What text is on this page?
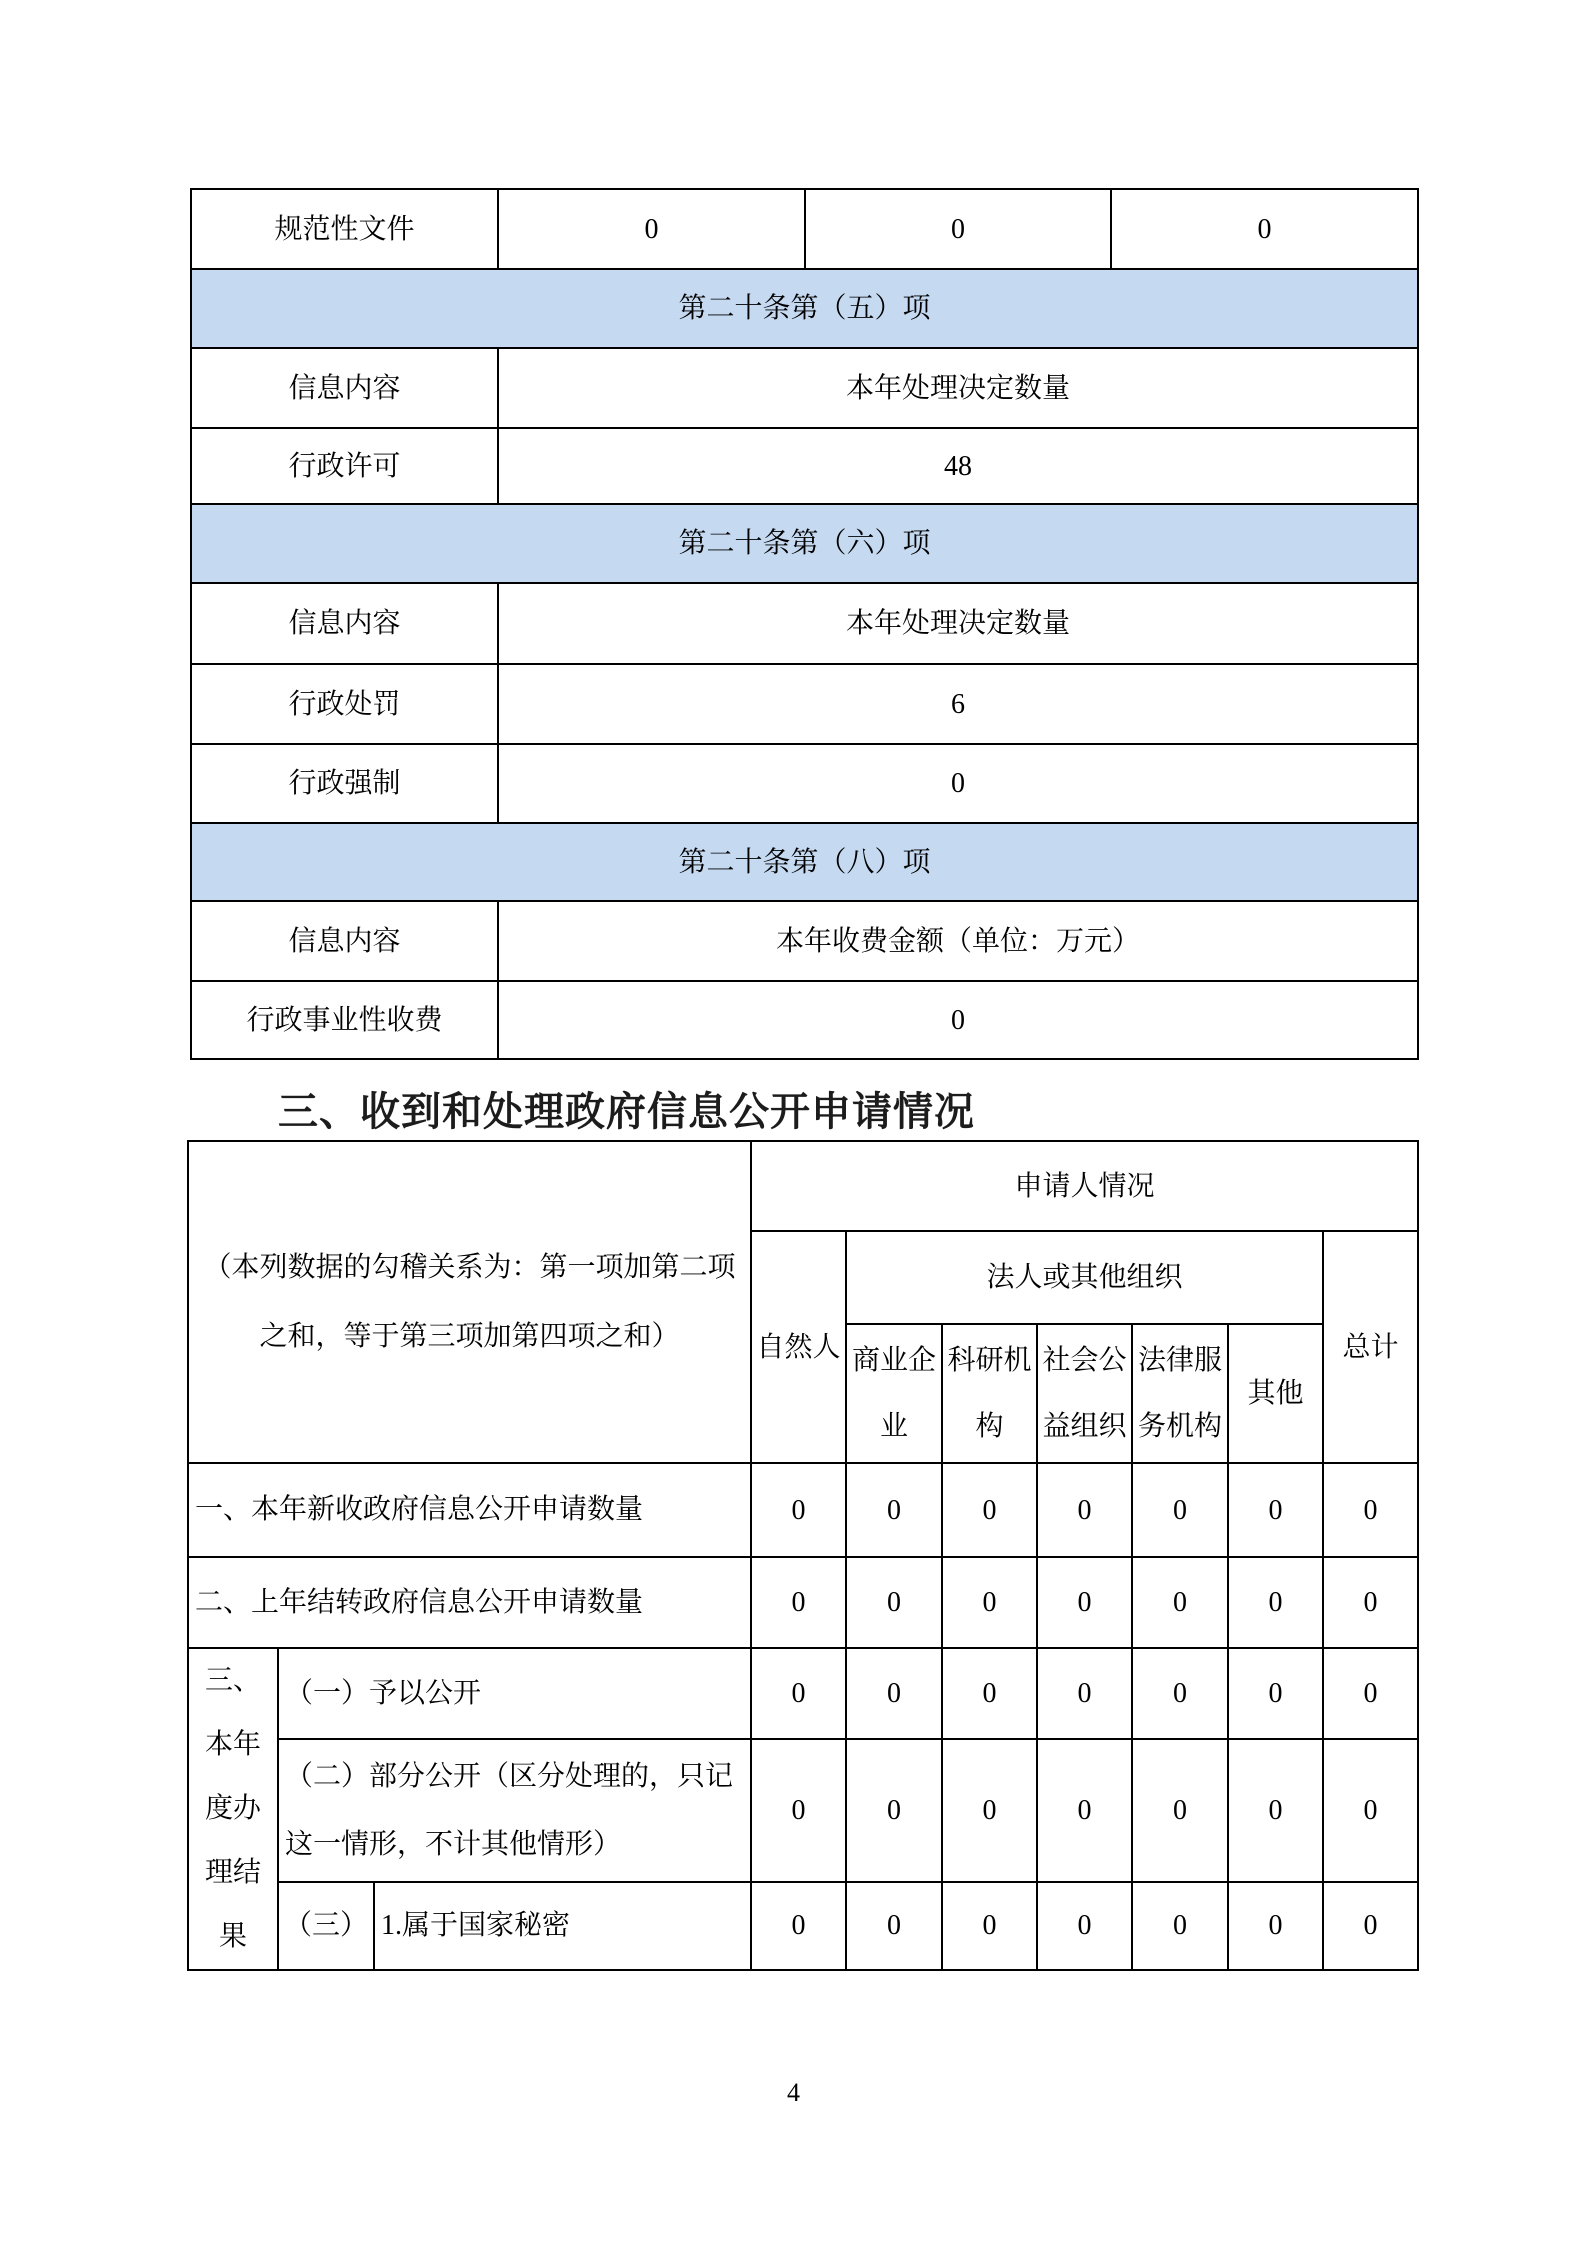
规范性文件	0	0	0
第二十条第（五）项			
信息内容	本年处理决定数量		
行政许可	48		
第二十条第（六）项			
信息内容	本年处理决定数量		
行政处罚	6		
行政强制	0		
第二十条第（八）项			
信息内容	本年收费金额（单位：万元）		
行政事业性收费	0		
三、收到和处理政府信息公开申请情况
（本列数据的勾稽关系为：第一项加第二项之和，等于第三项加第四项之和）			申请人情况						
			自然人	法人或其他组织					总计
				商业企业	科研机构	社会公益组织	法律服务机构	其他	
一、本年新收政府信息公开申请数量			0	0	0	0	0	0	0
二、上年结转政府信息公开申请数量			0	0	0	0	0	0	0
三、本年度办理结果	（一）予以公开		0	0	0	0	0	0	0
	（二）部分公开（区分处理的，只记这一情形，不计其他情形）		0	0	0	0	0	0	0
	（三）	1.属于国家秘密	0	0	0	0	0	0	0
4
